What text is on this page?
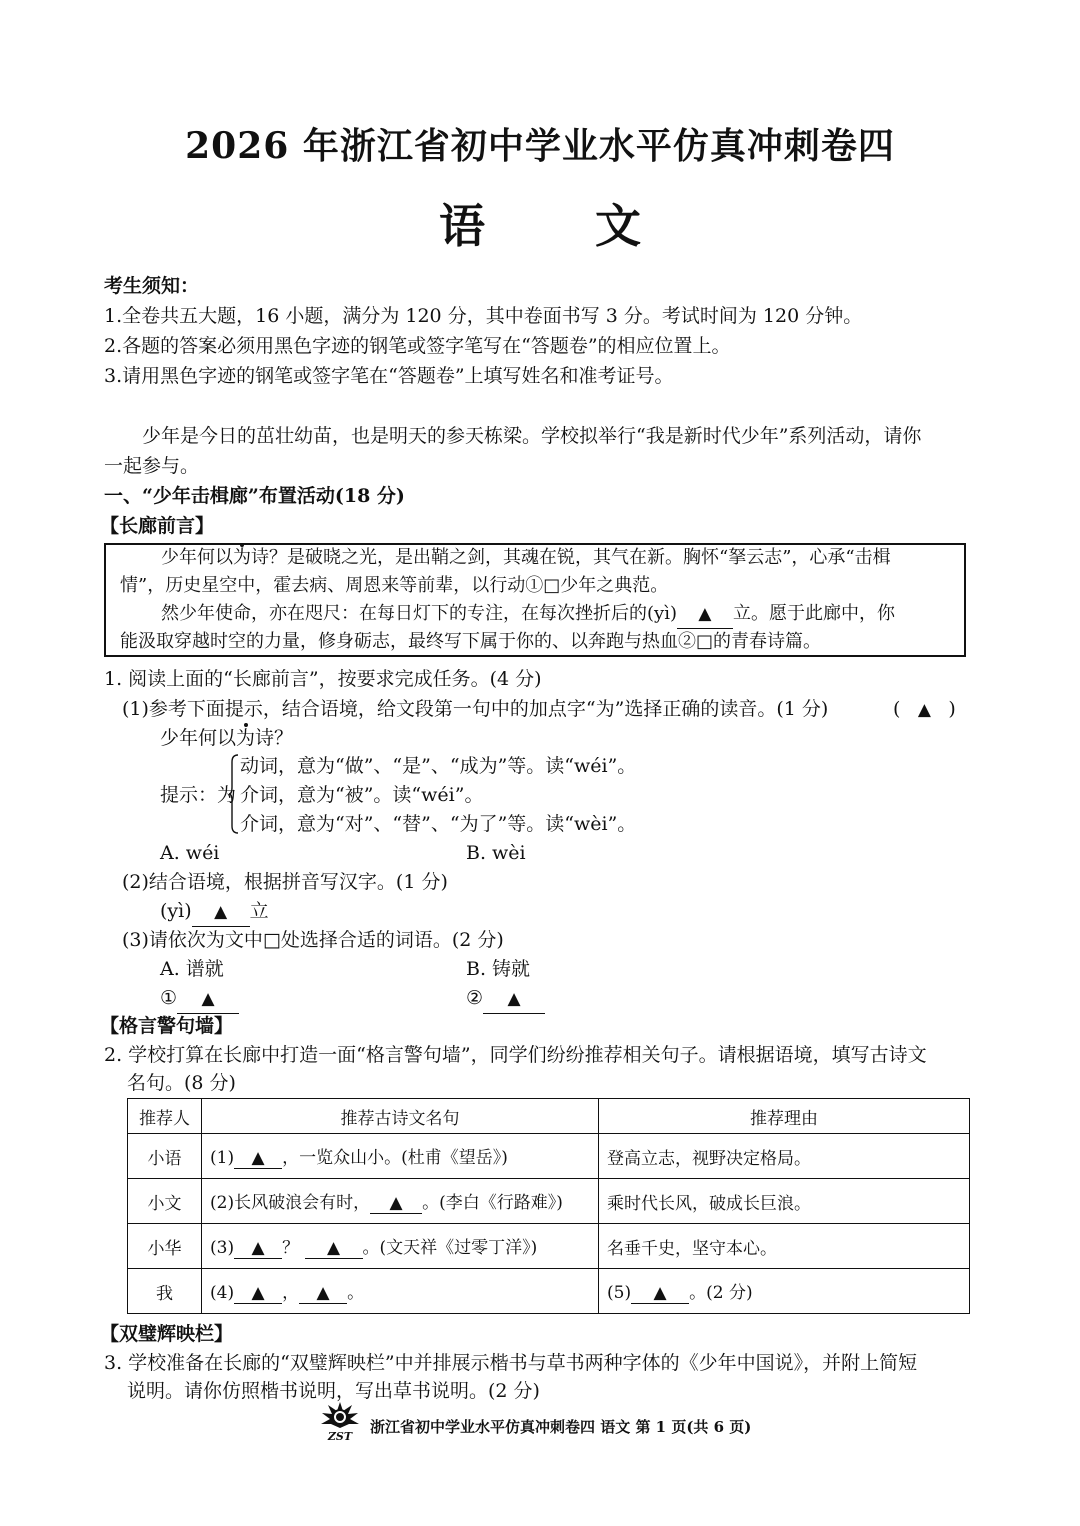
2026 年浙江省初中学业水平仿真冲刺卷四
语文
考生须知：
1.全卷共五大题，16 小题，满分为 120 分，其中卷面书写 3 分。考试时间为 120 分钟。
2.各题的答案必须用黑色字迹的钢笔或签字笔写在“答题卷”的相应位置上。
3.请用黑色字迹的钢笔或签字笔在“答题卷”上填写姓名和准考证号。
少年是今日的茁壮幼苗，也是明天的参天栋梁。学校拟举行“我是新时代少年”系列活动，请你
一起参与。
一、“少年击楫廊”布置活动(18 分)
【长廊前言】
少年何以为诗？是破晓之光，是出鞘之剑，其魂在锐，其气在新。胸怀“拏云志”，心承“击楫
情”，历史星空中，霍去病、周恩来等前辈，以行动①□少年之典范。
然少年使命，亦在咫尺：在每日灯下的专注，在每次挫折后的(yì) ▲ 立。愿于此廊中，你
能汲取穿越时空的力量，修身砺志，最终写下属于你的、以奔跑与热血②□的青春诗篇。
1. 阅读上面的“长廊前言”，按要求完成任务。(4 分)
(1)参考下面提示，结合语境，给文段第一句中的加点字“为”选择正确的读音。(1 分)	( ▲ )
少年何以为诗？
提示：为
动词，意为“做”、“是”、“成为”等。读“wéi”。
介词，意为“被”。读“wéi”。
介词，意为“对”、“替”、“为了”等。读“wèi”。
A. wéi	B. wèi
(2)结合语境，根据拼音写汉字。(1 分)
(yì) ▲ 立
(3)请依次为文中□处选择合适的词语。(2 分)
A. 谱就	B. 铸就
① ▲	② ▲
【格言警句墙】
2. 学校打算在长廊中打造一面“格言警句墙”，同学们纷纷推荐相关句子。请根据语境，填写古诗文
名句。(8 分)
推荐人	推荐古诗文名句	推荐理由
小语	(1) ▲ ，一览众山小。(杜甫《望岳》)	登高立志，视野决定格局。
小文	(2)长风破浪会有时， ▲ 。(李白《行路难》)	乘时代长风，破成长巨浪。
小华	(3) ▲ ？ ▲ 。(文天祥《过零丁洋》)	名垂千史，坚守本心。
我	(4) ▲ ， ▲ 。	(5) ▲ 。(2 分)
【双璧辉映栏】
3. 学校准备在长廊的“双璧辉映栏”中并排展示楷书与草书两种字体的《少年中国说》，并附上简短
说明。请你仿照楷书说明，写出草书说明。(2 分)
ZST
浙江省初中学业水平仿真冲刺卷四 语文 第 1 页(共 6 页)
